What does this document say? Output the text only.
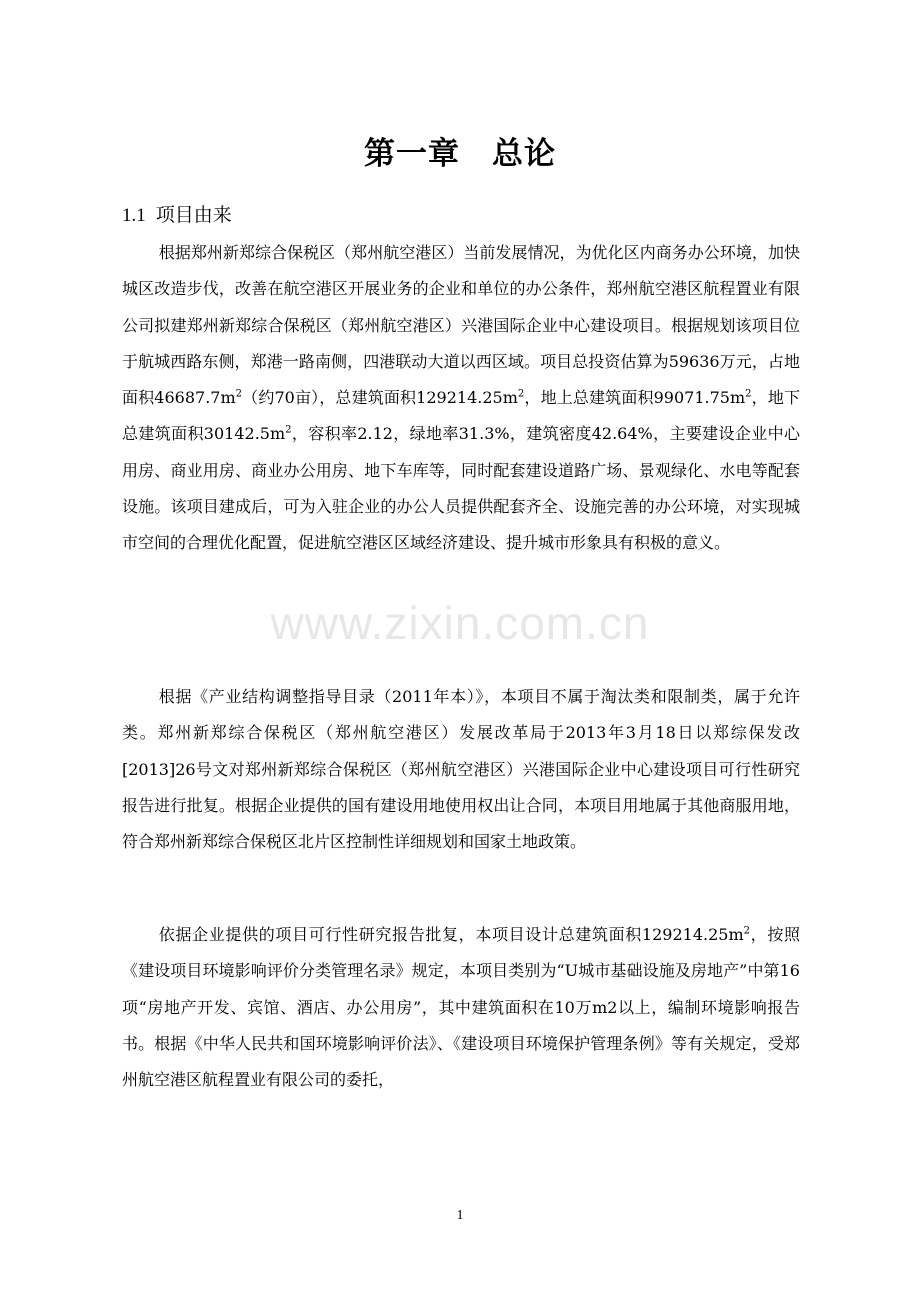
第一章　总论
1.1 项目由来

根据郑州新郑综合保税区（郑州航空港区）当前发展情况，为优化区内商务办公环境，加快城区改造步伐，改善在航空港区开展业务的企业和单位的办公条件，郑州航空港区航程置业有限公司拟建郑州新郑综合保税区（郑州航空港区）兴港国际企业中心建设项目。根据规划该项目位于航城西路东侧，郑港一路南侧，四港联动大道以西区域。项目总投资估算为59636万元，占地面积$46687.7m^2$（约70亩），总建筑面积$129214.25m^2$，地上总建筑面积$99071.75m^2$，地下总建筑面积$30142.5m^2$，容积率2.12，绿地率31.3%，建筑密度42.64%，主要建设企业中心用房、商业用房、商业办公用房、地下车库等，同时配套建设道路广场、景观绿化、水电等配套设施。该项目建成后，可为入驻企业的办公人员提供配套齐全、设施完善的办公环境，对实现城市空间的合理优化配置，促进航空港区区域经济建设、提升城市形象具有积极的意义。

根据《产业结构调整指导目录（2011年本）》，本项目不属于淘汰类和限制类，属于允许类。郑州新郑综合保税区（郑州航空港区）发展改革局于2013年3月18日以郑综保发改[2013]26号文对郑州新郑综合保税区（郑州航空港区）兴港国际企业中心建设项目可行性研究报告进行批复。根据企业提供的国有建设用地使用权出让合同，本项目用地属于其他商服用地，符合郑州新郑综合保税区北片区控制性详细规划和国家土地政策。

依据企业提供的项目可行性研究报告批复，本项目设计总建筑面积$129214.25m^2$，按照《建设项目环境影响评价分类管理名录》规定，本项目类别为“U城市基础设施及房地产”中第16项“房地产开发、宾馆、酒店、办公用房”，其中建筑面积在10万m2以上，编制环境影响报告书。根据《中华人民共和国环境影响评价法》、《建设项目环境保护管理条例》等有关规定，受郑州航空港区航程置业有限公司的委托，

www.zixin.com.cn
1
